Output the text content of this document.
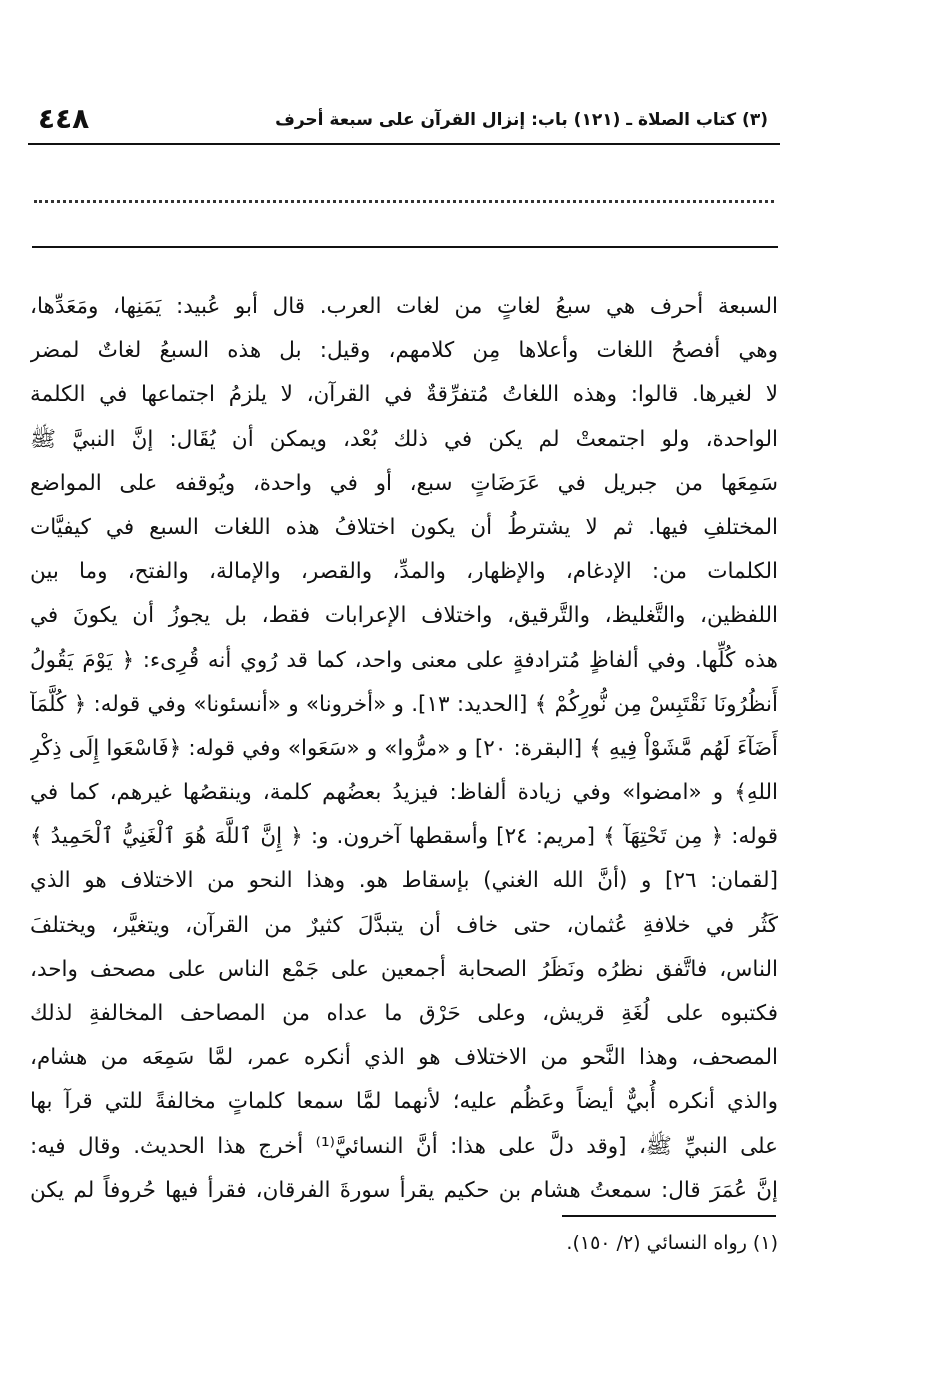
٤٤٨	(٣) كتاب الصلاة ـ (١٢١) باب: إنزال القرآن على سبعة أحرف
السبعة أحرف هي سبعُ لغاتٍ من لغات العرب. قال أبو عُبيد: يَمَنِها، ومَعَدِّها،
وهي أفصحُ اللغات وأعلاها مِن كلامهم، وقيل: بل هذه السبعُ لغاتٌ لمضر
لا لغيرها. قالوا: وهذه اللغاتُ مُتفرِّقةٌ في القرآن، لا يلزمُ اجتماعها في الكلمة
الواحدة، ولو اجتمعتْ لم يكن في ذلك بُعْد، ويمكن أن يُقَال: إنَّ النبيَّ ﷺ
سَمِعَها من جبريل في عَرَضَاتٍ سبع، أو في واحدة، ويُوقفه على المواضع
المختلفِ فيها. ثم لا يشترطُ أن يكون اختلافُ هذه اللغات السبع في كيفيَّات
الكلمات من: الإدغام، والإظهار، والمدِّ، والقصر، والإمالة، والفتح، وما بين
اللفظين، والتَّغليظ، والتَّرقيق، واختلاف الإعرابات فقط، بل يجوزُ أن يكونَ في
هذه كُلِّها. وفي ألفاظٍ مُترادفةٍ على معنى واحد، كما قد رُوي أنه قُرِىء: ﴿ يَوْمَ يَقُولُ
أَنظُرُونَا نَقْتَبِسْ مِن نُّورِكُمْ ﴾ [الحديد: ١٣]. و «أخرونا» و «أنسئونا» وفي قوله: ﴿ كُلَّمَآ
أَضَآءَ لَهُم مَّشَوْاْ فِيهِ ﴾ [البقرة: ٢٠] و «مرُّوا» و «سَعَوا» وفي قوله: ﴿فَاسْعَوا إِلَى ذِكْرِ
اللهِ﴾ و «امضوا» وفي زيادة ألفاظ: فيزيدُ بعضُهم كلمة، وينقصُها غيرهم، كما في
قوله: ﴿ مِن تَحْتِهَآ ﴾ [مريم: ٢٤] وأسقطها آخرون. و: ﴿ إِنَّ ٱللَّهَ هُوَ ٱلْغَنِيُّ ٱلْحَمِيدُ ﴾
[لقمان: ٢٦] و (أنَّ الله الغني) بإسقاط هو. وهذا النحو من الاختلاف هو الذي
كَثُر في خلافةِ عُثمان، حتى خاف أن يتبدَّلَ كثيرٌ من القرآن، ويتغيَّر، ويختلفَ
الناس، فاتَّفق نظرُه ونَظَرُ الصحابة أجمعين على جَمْع الناس على مصحف واحد،
فكتبوه على لُغَةِ قريش، وعلى حَرْق ما عداه من المصاحف المخالفةِ لذلك
المصحف، وهذا النَّحو من الاختلاف هو الذي أنكره عمر، لمَّا سَمِعَه من هشام،
والذي أنكره أُبيٌّ أيضاً وعَظُم عليه؛ لأنهما لمَّا سمعا كلماتٍ مخالفةً للتي قرآ بها
على النبيِّ ﷺ، [وقد دلَّ على هذا: أنَّ النسائيَّ⁽¹⁾ أخرج هذا الحديث. وقال فيه:
إنَّ عُمَرَ قال: سمعتُ هشام بن حكيم يقرأ سورةَ الفرقان، فقرأ فيها حُروفاً لم يكن
(١) رواه النسائي (٢/ ١٥٠).
